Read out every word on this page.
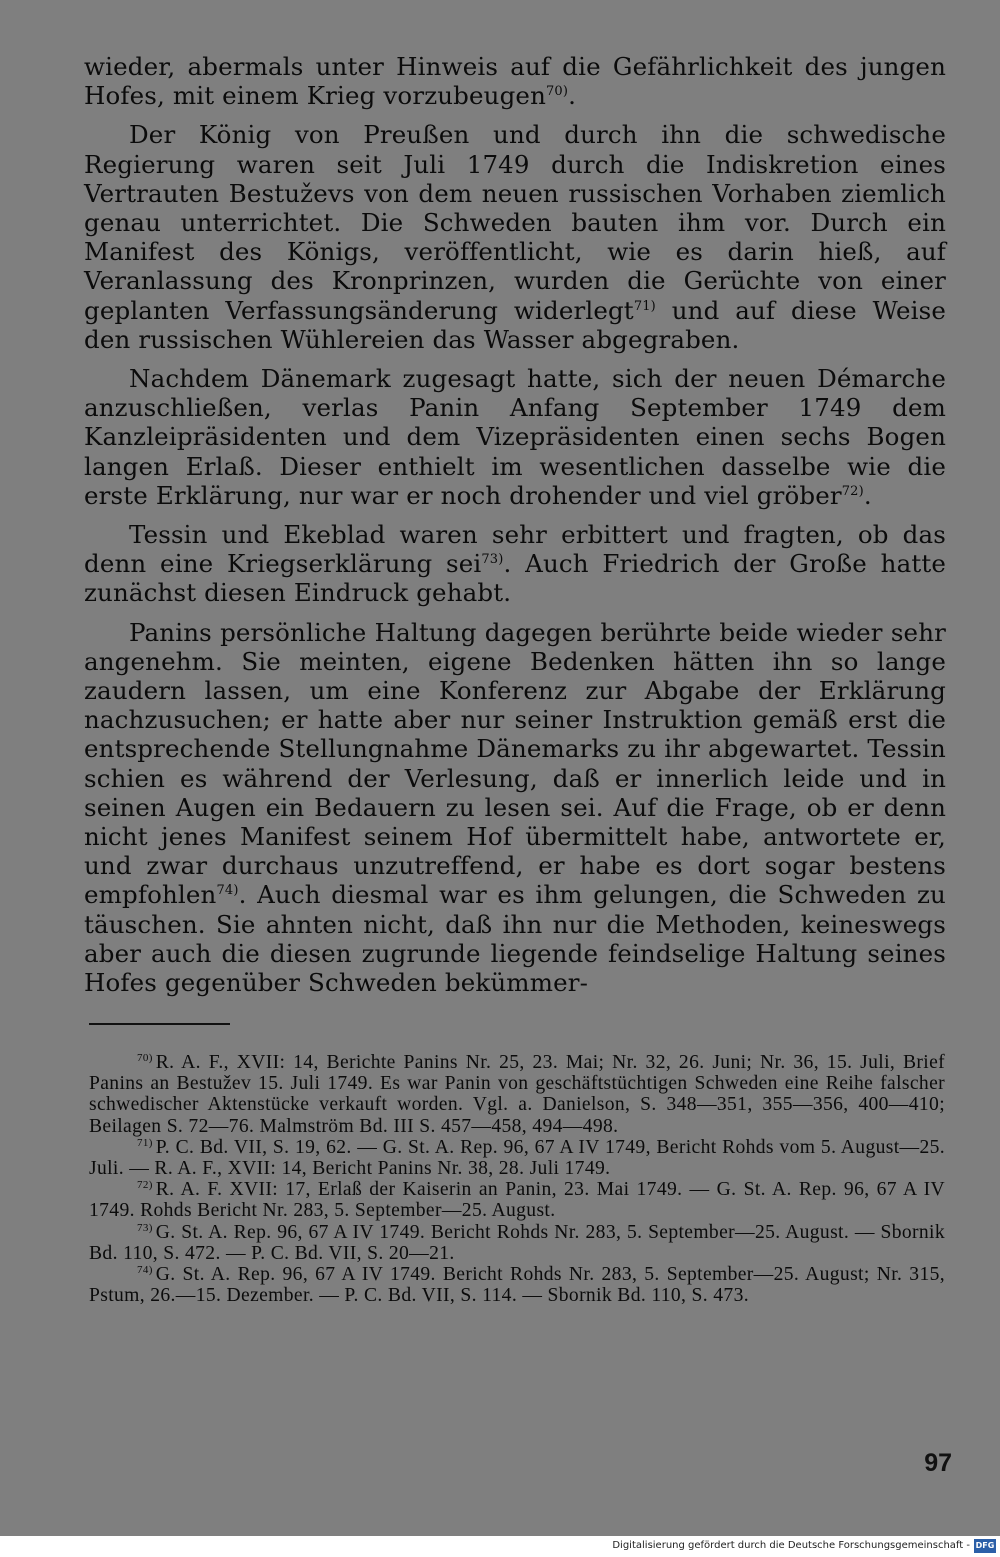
wieder, abermals unter Hinweis auf die Gefährlichkeit des jungen Hofes, mit einem Krieg vorzubeugen$^{70)}$.

Der König von Preußen und durch ihn die schwedische Regierung waren seit Juli 1749 durch die Indiskretion eines Vertrauten Bestuževs von dem neuen russischen Vorhaben ziemlich genau unterrichtet. Die Schweden bauten ihm vor. Durch ein Manifest des Königs, veröffentlicht, wie es darin hieß, auf Veranlassung des Kronprinzen, wurden die Gerüchte von einer geplanten Verfassungsänderung widerlegt$^{71)}$ und auf diese Weise den russischen Wühlereien das Wasser abgegraben.

Nachdem Dänemark zugesagt hatte, sich der neuen Démarche anzuschließen, verlas Panin Anfang September 1749 dem Kanzleipräsidenten und dem Vizepräsidenten einen sechs Bogen langen Erlaß. Dieser enthielt im wesentlichen dasselbe wie die erste Erklärung, nur war er noch drohender und viel gröber$^{72)}$.

Tessin und Ekeblad waren sehr erbittert und fragten, ob das denn eine Kriegserklärung sei$^{73)}$. Auch Friedrich der Große hatte zunächst diesen Eindruck gehabt.

Panins persönliche Haltung dagegen berührte beide wieder sehr angenehm. Sie meinten, eigene Bedenken hätten ihn so lange zaudern lassen, um eine Konferenz zur Abgabe der Erklärung nachzusuchen; er hatte aber nur seiner Instruktion gemäß erst die entsprechende Stellungnahme Dänemarks zu ihr abgewartet. Tessin schien es während der Verlesung, daß er innerlich leide und in seinen Augen ein Bedauern zu lesen sei. Auf die Frage, ob er denn nicht jenes Manifest seinem Hof übermittelt habe, antwortete er, und zwar durchaus unzutreffend, er habe es dort sogar bestens empfohlen$^{74)}$. Auch diesmal war es ihm gelungen, die Schweden zu täuschen. Sie ahnten nicht, daß ihn nur die Methoden, keineswegs aber auch die diesen zugrunde liegende feindselige Haltung seines Hofes gegenüber Schweden bekümmer-

$^{70)}$ R. A. F., XVII: 14, Berichte Panins Nr. 25, 23. Mai; Nr. 32, 26. Juni; Nr. 36, 15. Juli, Brief Panins an Bestužev 15. Juli 1749. Es war Panin von geschäftstüchtigen Schweden eine Reihe falscher schwedischer Aktenstücke verkauft worden. Vgl. a. Danielson, S. 348—351, 355—356, 400—410; Beilagen S. 72—76. Malmström Bd. III S. 457—458, 494—498.

$^{71)}$ P. C. Bd. VII, S. 19, 62. — G. St. A. Rep. 96, 67 A IV 1749, Bericht Rohds vom 5. August—25. Juli. — R. A. F., XVII: 14, Bericht Panins Nr. 38, 28. Juli 1749.

$^{72)}$ R. A. F. XVII: 17, Erlaß der Kaiserin an Panin, 23. Mai 1749. — G. St. A. Rep. 96, 67 A IV 1749. Rohds Bericht Nr. 283, 5. September—25. August.

$^{73)}$ G. St. A. Rep. 96, 67 A IV 1749. Bericht Rohds Nr. 283, 5. September—25. August. — Sbornik Bd. 110, S. 472. — P. C. Bd. VII, S. 20—21.

$^{74)}$ G. St. A. Rep. 96, 67 A IV 1749. Bericht Rohds Nr. 283, 5. September—25. August; Nr. 315, Pstum, 26.—15. Dezember. — P. C. Bd. VII, S. 114. — Sbornik Bd. 110, S. 473.

97
Digitalisierung gefördert durch die Deutsche Forschungsgemeinschaft - DFG
